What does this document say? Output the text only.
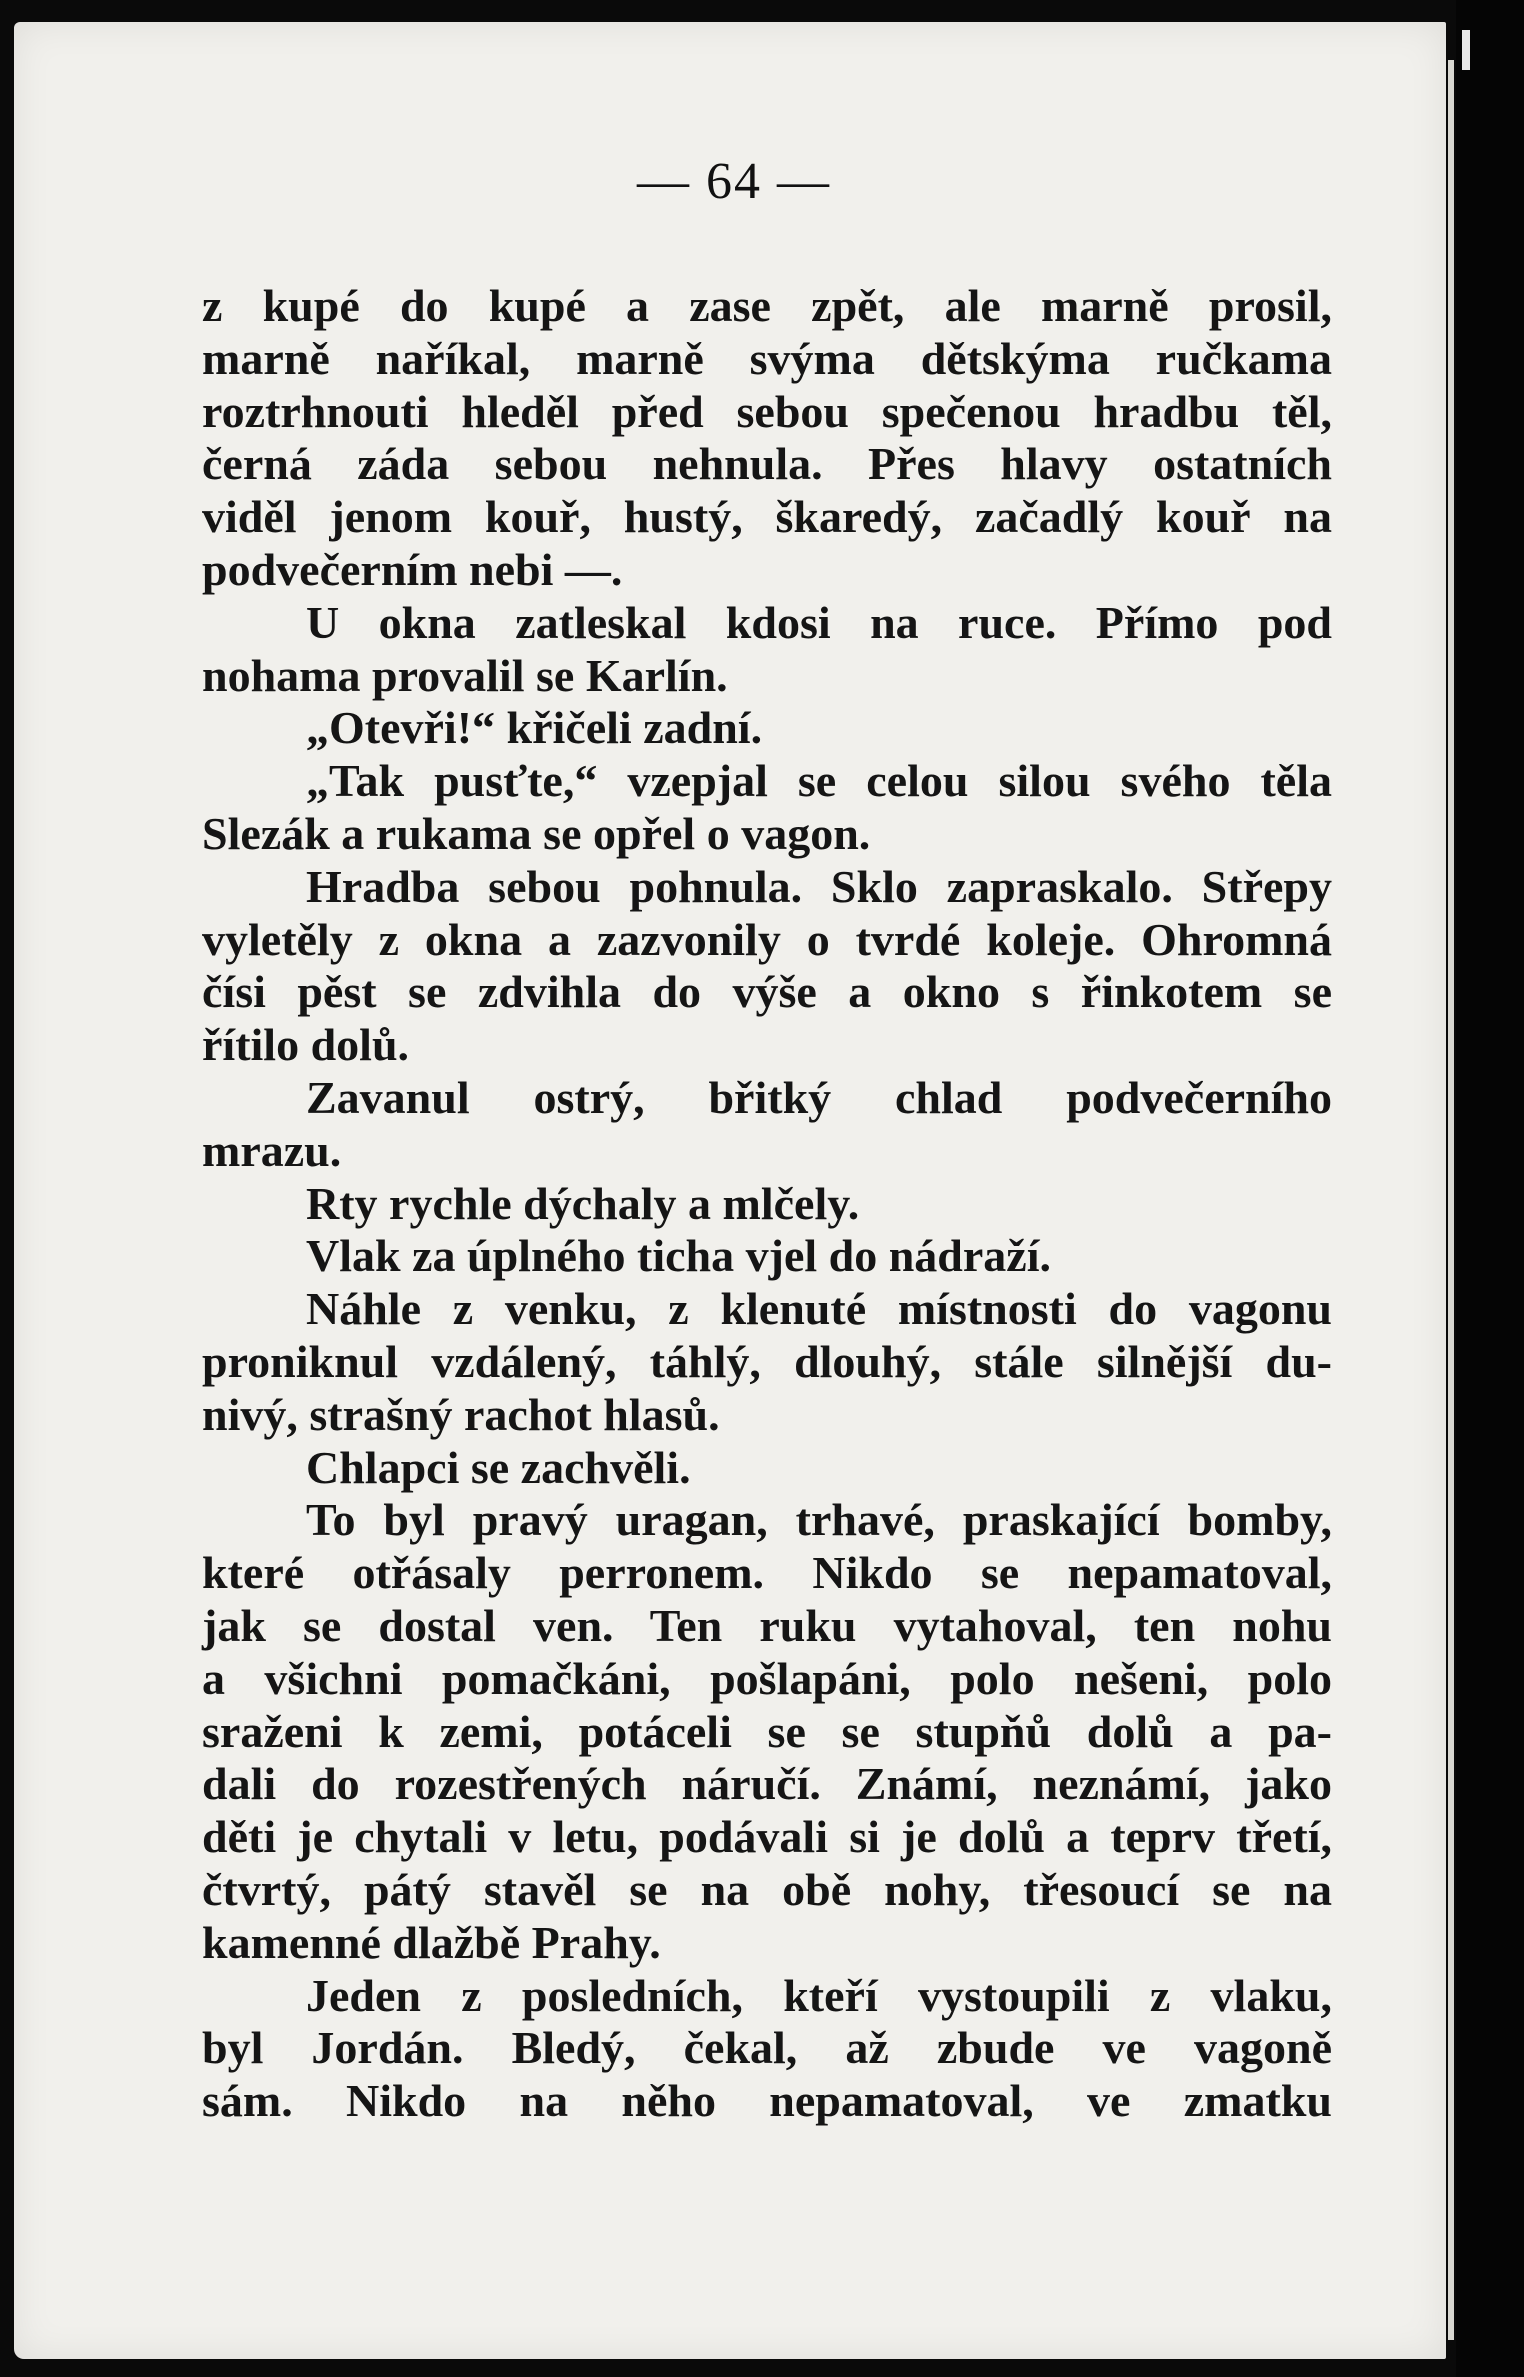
— 64 —

z kupé do kupé a zase zpět, ale marně prosil,

marně naříkal, marně svýma dětskýma ručkama

roztrhnouti hleděl před sebou spečenou hradbu těl,

černá záda sebou nehnula. Přes hlavy ostatních

viděl jenom kouř, hustý, škaredý, začadlý kouř na

podvečerním nebi —.

U okna zatleskal kdosi na ruce. Přímo pod

nohama provalil se Karlín.

„Otevři!“ křičeli zadní.

„Tak pusťte,“ vzepjal se celou silou svého těla

Slezák a rukama se opřel o vagon.

Hradba sebou pohnula. Sklo zapraskalo. Střepy

vyletěly z okna a zazvonily o tvrdé koleje. Ohromná

čísi pěst se zdvihla do výše a okno s řinkotem se

řítilo dolů.

Zavanul ostrý, břitký chlad podvečerního

mrazu.

Rty rychle dýchaly a mlčely.

Vlak za úplného ticha vjel do nádraží.

Náhle z venku, z klenuté místnosti do vagonu

proniknul vzdálený, táhlý, dlouhý, stále silnější du-

nivý, strašný rachot hlasů.

Chlapci se zachvěli.

To byl pravý uragan, trhavé, praskající bomby,

které otřásaly perronem. Nikdo se nepamatoval,

jak se dostal ven. Ten ruku vytahoval, ten nohu

a všichni pomačkáni, pošlapáni, polo nešeni, polo

sraženi k zemi, potáceli se se stupňů dolů a pa-

dali do rozestřených náručí. Známí, neznámí, jako

děti je chytali v letu, podávali si je dolů a teprv třetí,

čtvrtý, pátý stavěl se na obě nohy, třesoucí se na

kamenné dlažbě Prahy.

Jeden z posledních, kteří vystoupili z vlaku,

byl Jordán. Bledý, čekal, až zbude ve vagoně

sám. Nikdo na něho nepamatoval, ve zmatku
